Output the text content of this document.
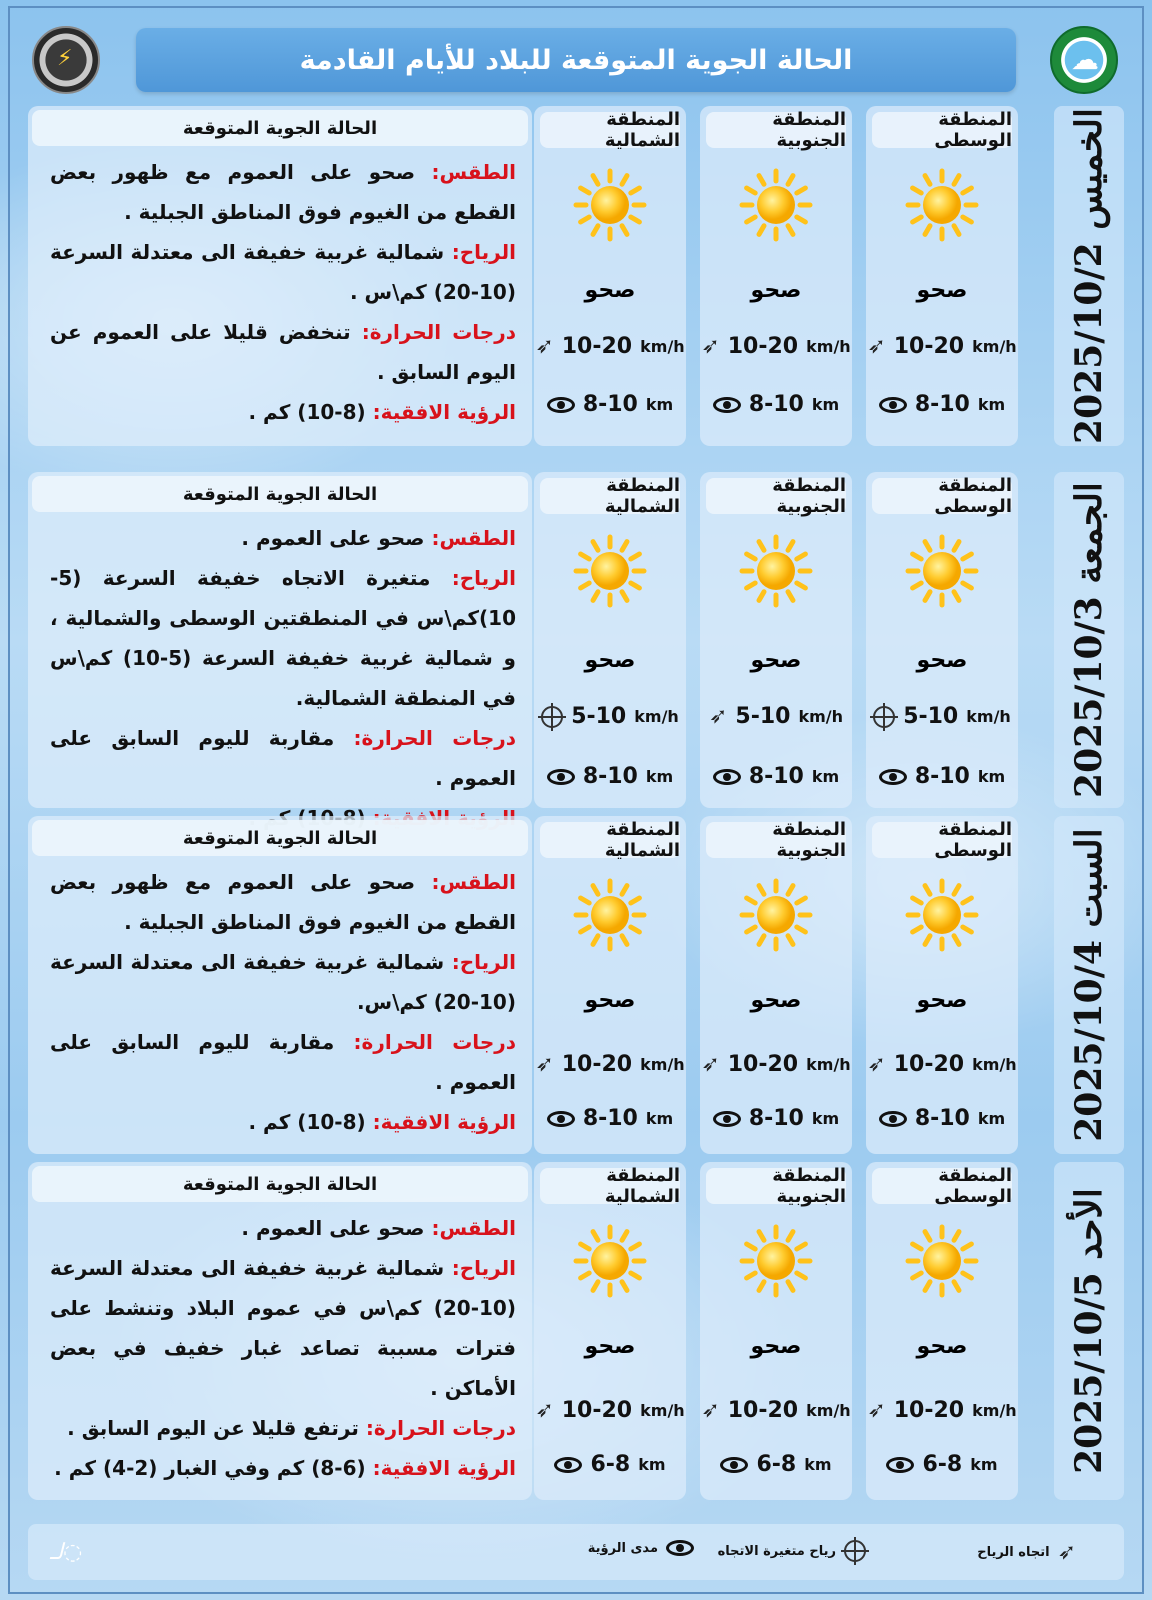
⚡
☁
الحالة الجوية المتوقعة للبلاد للأيام القادمة
الخميس 2025/10/2
المنطقة الوسطى
صحو
➶ 10-20 km/h
8-10 km
المنطقة الجنوبية
صحو
➶ 10-20 km/h
8-10 km
المنطقة الشمالية
صحو
➶ 10-20 km/h
8-10 km
الحالة الجوية المتوقعة
الطقس: صحو على العموم مع ظهور بعض القطع من الغيوم فوق المناطق الجبلية .
الرياح: شمالية غربية خفيفة الى معتدلة السرعة (10-20) كم\س .
درجات الحرارة: تنخفض قليلا على العموم عن اليوم السابق .
الرؤية الافقية: (8-10) كم .
الجمعة 2025/10/3
المنطقة الوسطى
صحو
5-10 km/h
8-10 km
المنطقة الجنوبية
صحو
➶ 5-10 km/h
8-10 km
المنطقة الشمالية
صحو
5-10 km/h
8-10 km
الحالة الجوية المتوقعة
الطقس: صحو على العموم .
الرياح: متغيرة الاتجاه خفيفة السرعة (5-10)كم\س في المنطقتين الوسطى والشمالية ، و شمالية غربية خفيفة السرعة (5-10) كم\س في المنطقة الشمالية.
درجات الحرارة: مقاربة لليوم السابق على العموم .
السبت 2025/10/4
المنطقة الوسطى
صحو
➶ 10-20 km/h
8-10 km
المنطقة الجنوبية
صحو
➶ 10-20 km/h
8-10 km
المنطقة الشمالية
صحو
➶ 10-20 km/h
8-10 km
الحالة الجوية المتوقعة
الطقس: صحو على العموم مع ظهور بعض القطع من الغيوم فوق المناطق الجبلية .
الرياح: شمالية غربية خفيفة الى معتدلة السرعة (10-20) كم\س.
درجات الحرارة: مقاربة لليوم السابق على العموم .
الرؤية الافقية: (8-10) كم .
الأحد 2025/10/5
المنطقة الوسطى
صحو
➶ 10-20 km/h
6-8 km
المنطقة الجنوبية
صحو
➶ 10-20 km/h
6-8 km
المنطقة الشمالية
صحو
➶ 10-20 km/h
6-8 km
الحالة الجوية المتوقعة
الطقس: صحو على العموم .
الرياح: شمالية غربية خفيفة الى معتدلة السرعة (10-20) كم\س في عموم البلاد وتنشط على فترات مسببة تصاعد غبار خفيف في بعض الأماكن .
درجات الحرارة: ترتفع قليلا عن اليوم السابق .
الرؤية الافقية: (6-8) كم وفي الغبار (2-4) كم .
➶
اتجاه الرياح
رياح متغيرة الاتجاه
مدى الرؤية
ﻟـ◌
